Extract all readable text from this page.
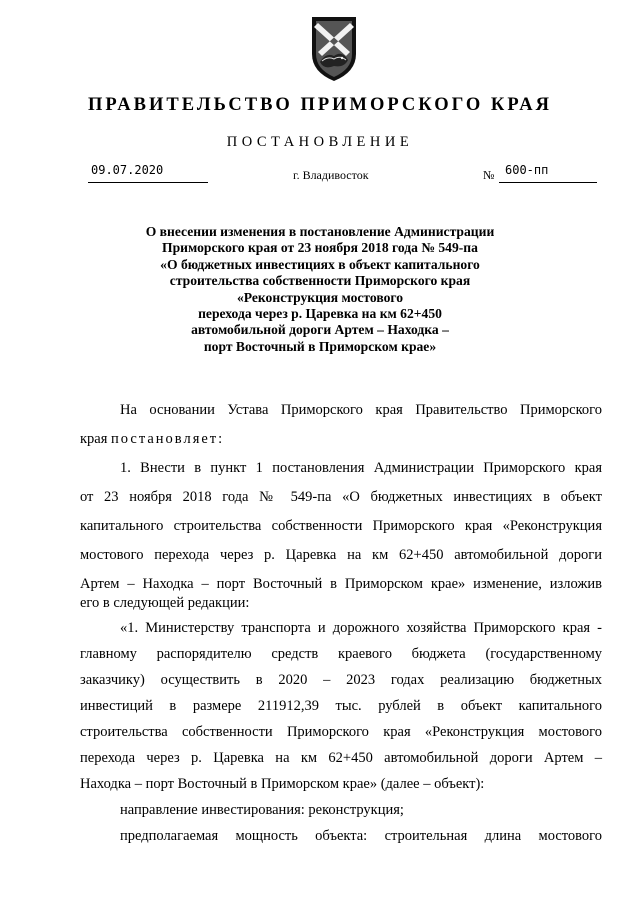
ПРАВИТЕЛЬСТВО ПРИМОРСКОГО КРАЯ
ПОСТАНОВЛЕНИЕ
09.07.2020	г. Владивосток	№ 600-пп
О внесении изменения в постановление Администрации
Приморского края от 23 ноября 2018 года № 549-па
«О бюджетных инвестициях в объект капитального
строительства собственности Приморского края
«Реконструкция мостового
перехода через р. Царевка на км 62+450
автомобильной дороги Артем – Находка –
порт Восточный в Приморском крае»
На основании Устава Приморского края Правительство Приморского
края постановляет:
1. Внести в пункт 1 постановления Администрации Приморского края
от 23 ноября 2018 года № 549-па «О бюджетных инвестициях в объект
капитального строительства собственности Приморского края «Реконструкция
мостового перехода через р. Царевка на км 62+450 автомобильной дороги
Артем – Находка – порт Восточный в Приморском крае» изменение, изложив
его в следующей редакции:
«1. Министерству транспорта и дорожного хозяйства Приморского края -
главному распорядителю средств краевого бюджета (государственному
заказчику) осуществить в 2020 – 2023 годах реализацию бюджетных
инвестиций в размере 211912,39 тыс. рублей в объект капитального
строительства собственности Приморского края «Реконструкция мостового
перехода через р. Царевка на км 62+450 автомобильной дороги Артем –
Находка – порт Восточный в Приморском крае» (далее – объект):
направление инвестирования: реконструкция;
предполагаемая мощность объекта: строительная длина мостового
